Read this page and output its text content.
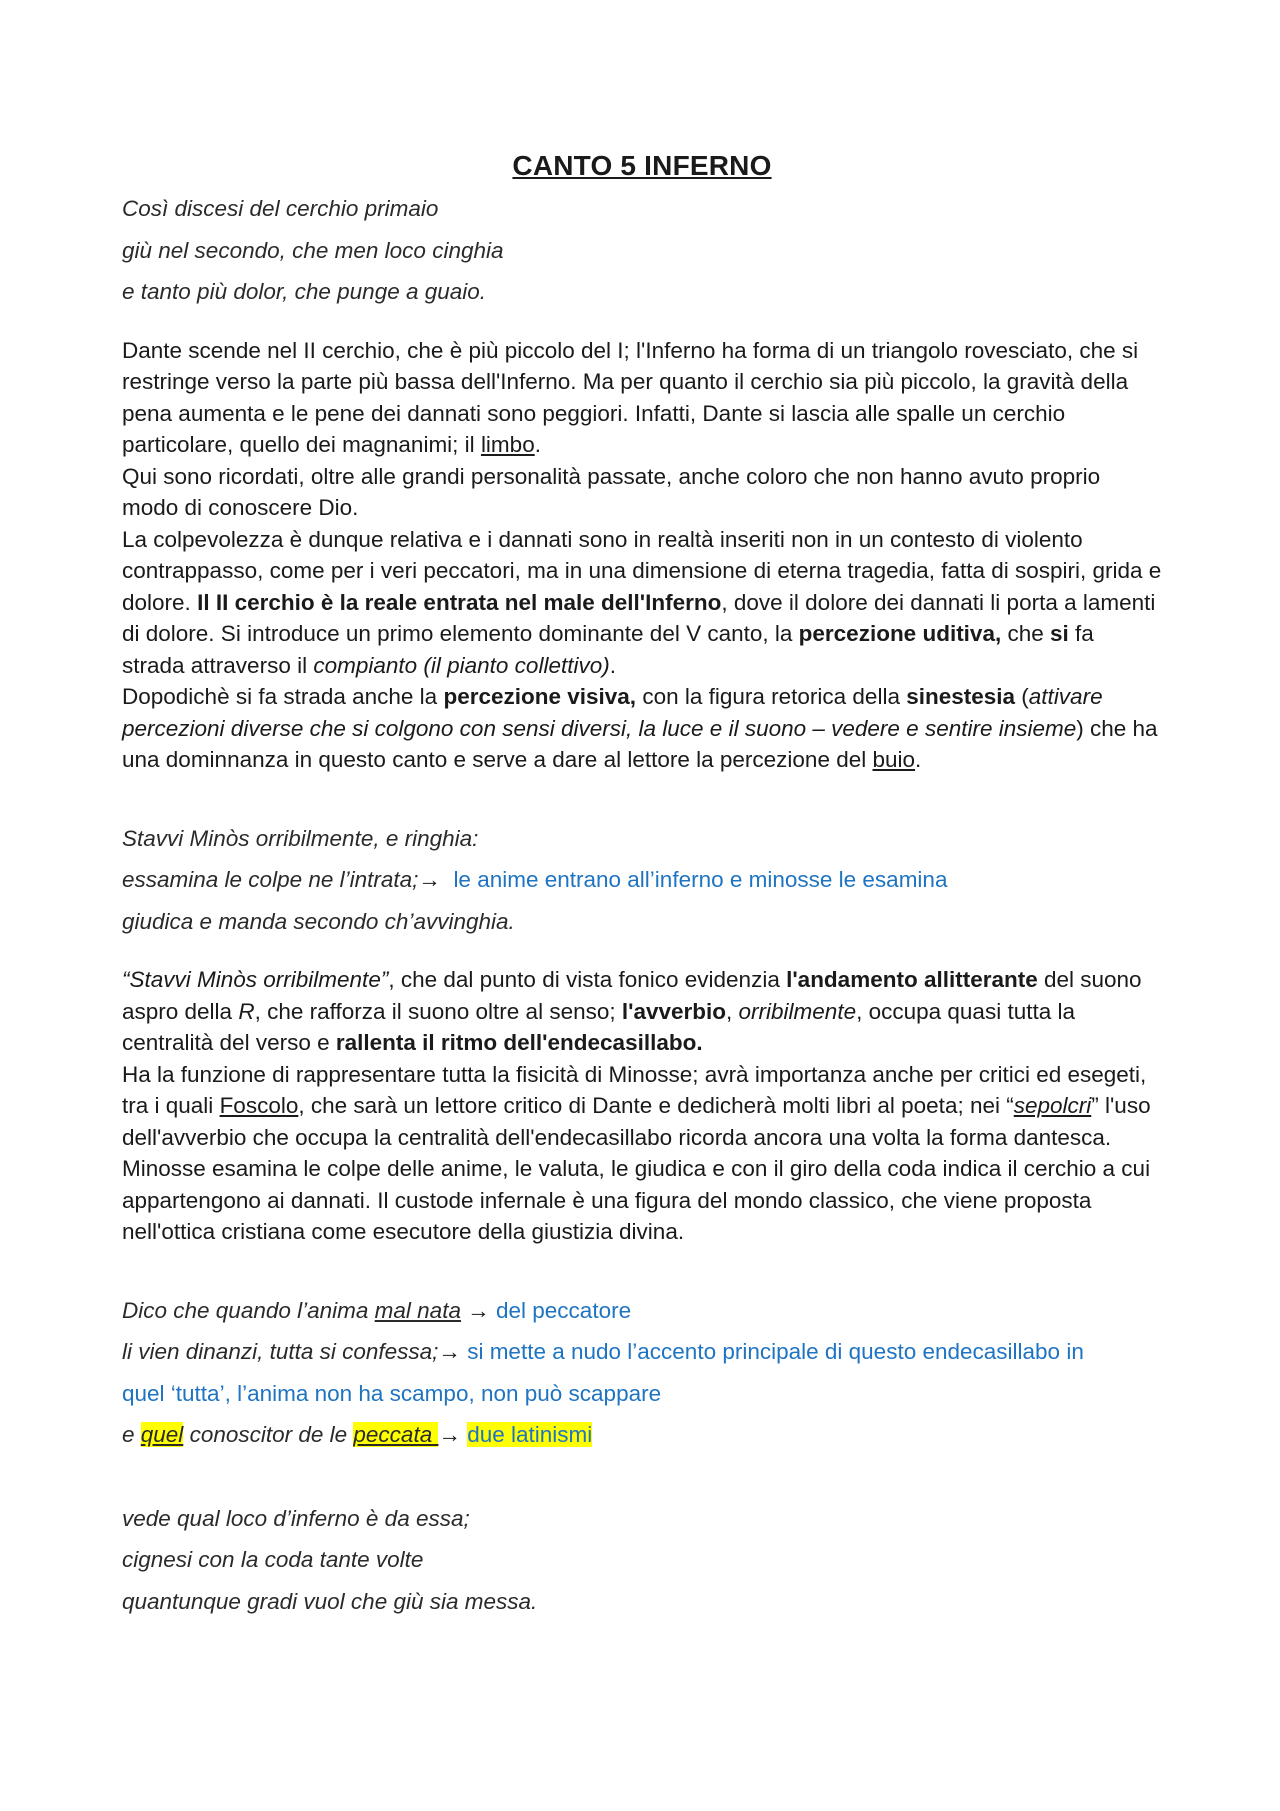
CANTO 5 INFERNO

Così discesi del cerchio primaio

giù nel secondo, che men loco cinghia

e tanto più dolor, che punge a guaio.

Dante scende nel II cerchio, che è più piccolo del I; l'Inferno ha forma di un triangolo rovesciato, che si restringe verso la parte più bassa dell'Inferno. Ma per quanto il cerchio sia più piccolo, la gravità della pena aumenta e le pene dei dannati sono peggiori. Infatti, Dante si lascia alle spalle un cerchio particolare, quello dei magnanimi; il limbo.

Qui sono ricordati, oltre alle grandi personalità passate, anche coloro che non hanno avuto proprio modo di conoscere Dio.

La colpevolezza è dunque relativa e i dannati sono in realtà inseriti non in un contesto di violento contrappasso, come per i veri peccatori, ma in una dimensione di eterna tragedia, fatta di sospiri, grida e dolore. Il II cerchio è la reale entrata nel male dell'Inferno, dove il dolore dei dannati li porta a lamenti di dolore. Si introduce un primo elemento dominante del V canto, la percezione uditiva, che si fa strada attraverso il compianto (il pianto collettivo).

Dopodichè si fa strada anche la percezione visiva, con la figura retorica della sinestesia (attivare percezioni diverse che si colgono con sensi diversi, la luce e il suono – vedere e sentire insieme) che ha una dominnanza in questo canto e serve a dare al lettore la percezione del buio.

Stavvi Minòs orribilmente, e ringhia:

essamina le colpe ne l’intrata;→ le anime entrano all’inferno e minosse le esamina

giudica e manda secondo ch’avvinghia.

“Stavvi Minòs orribilmente”, che dal punto di vista fonico evidenzia l'andamento allitterante del suono aspro della R, che rafforza il suono oltre al senso; l'avverbio, orribilmente, occupa quasi tutta la centralità del verso e rallenta il ritmo dell'endecasillabo.

Ha la funzione di rappresentare tutta la fisicità di Minosse; avrà importanza anche per critici ed esegeti, tra i quali Foscolo, che sarà un lettore critico di Dante e dedicherà molti libri al poeta; nei “sepolcri” l'uso dell'avverbio che occupa la centralità dell'endecasillabo ricorda ancora una volta la forma dantesca.

Minosse esamina le colpe delle anime, le valuta, le giudica e con il giro della coda indica il cerchio a cui appartengono ai dannati. Il custode infernale è una figura del mondo classico, che viene proposta nell'ottica cristiana come esecutore della giustizia divina.

Dico che quando l’anima mal nata → del peccatore

li vien dinanzi, tutta si confessa;→ si mette a nudo l’accento principale di questo endecasillabo in

quel ‘tutta’, l’anima non ha scampo, non può scappare

e quel conoscitor de le peccata → due latinismi

vede qual loco d’inferno è da essa;

cignesi con la coda tante volte

quantunque gradi vuol che giù sia messa.
